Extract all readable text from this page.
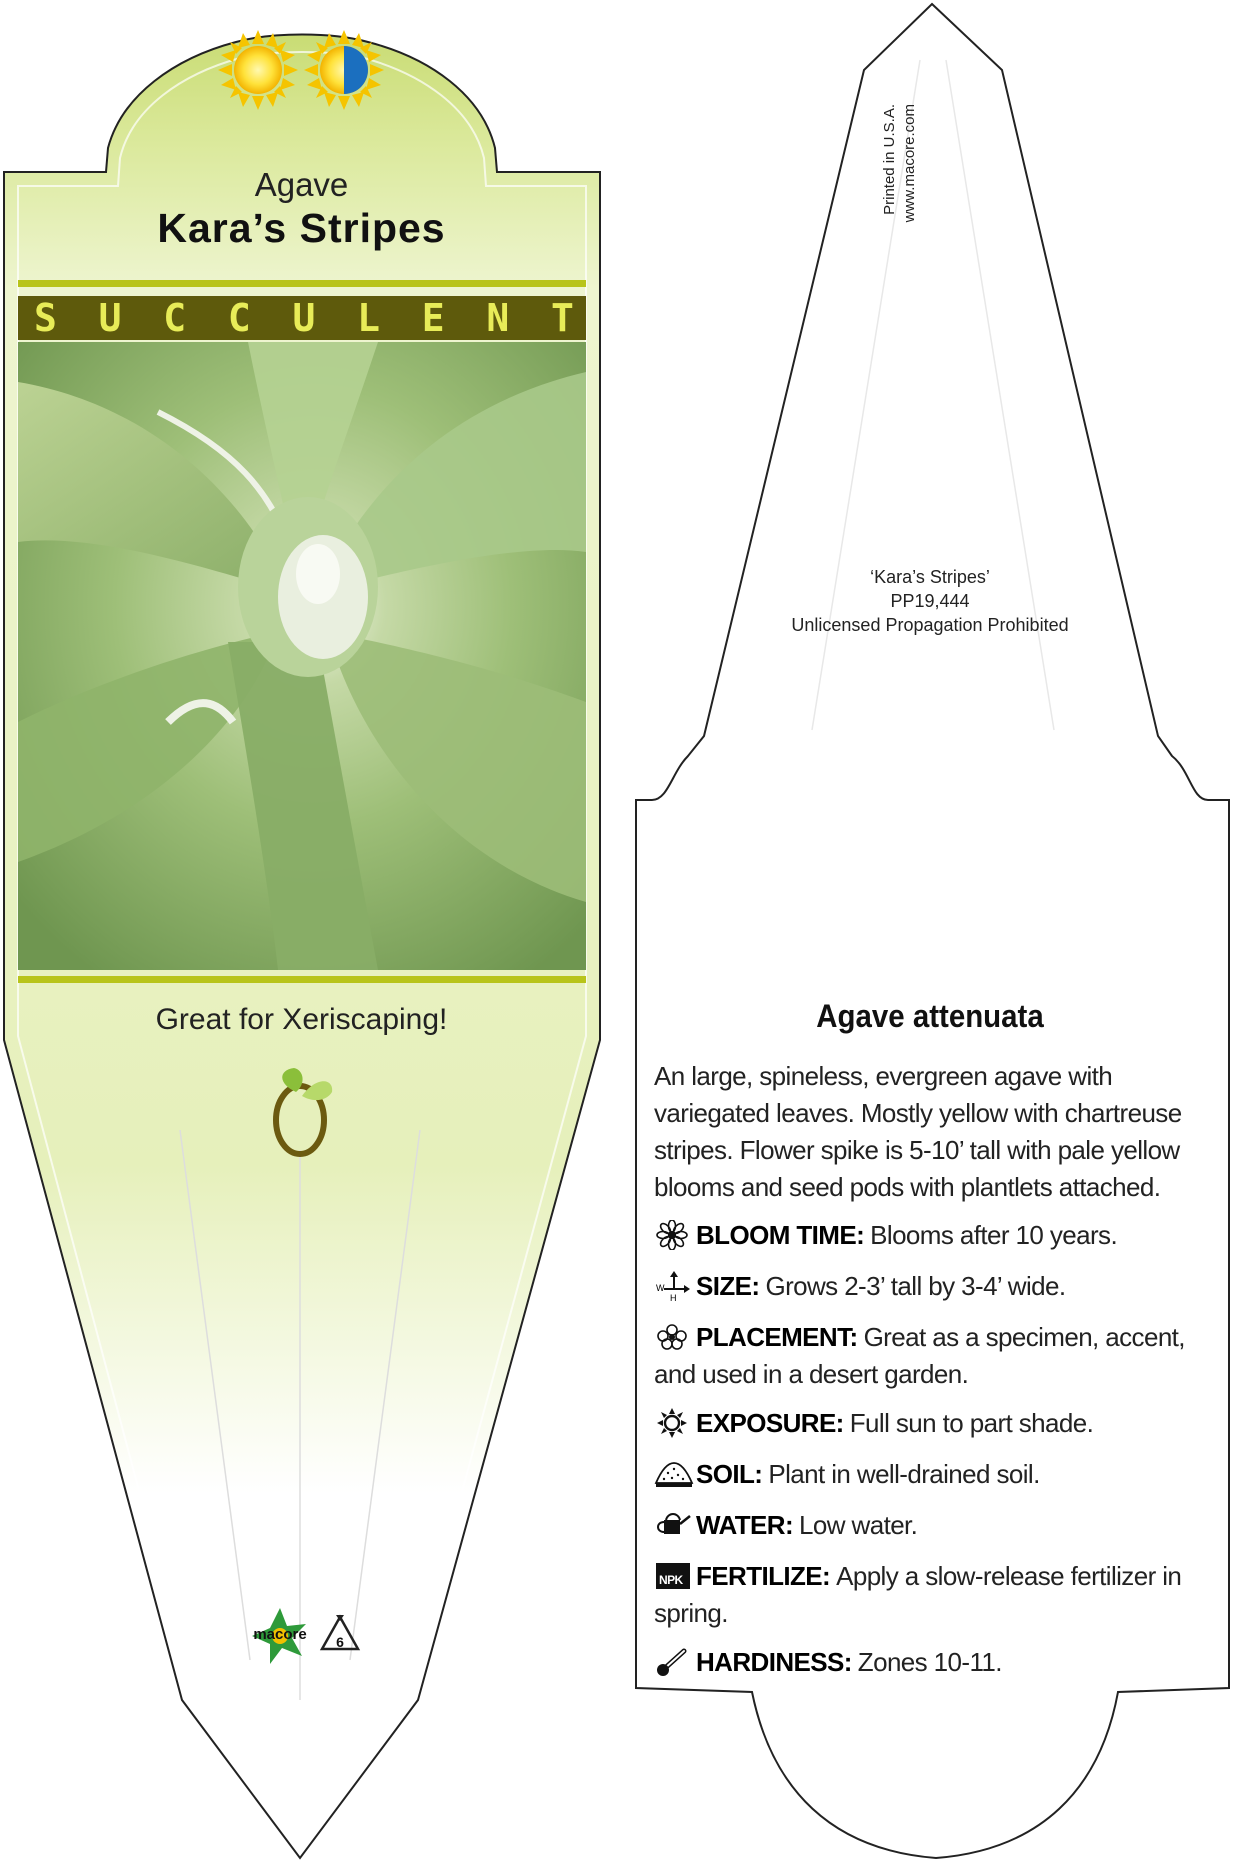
Agave
Kara’s Stripes
S U C C U L E N T
Great for Xeriscaping!
macore	6
Printed in U.S.A. www.macore.com
‘Kara’s Stripes’
PP19,444
Unlicensed Propagation Prohibited
Agave attenuata
An large, spineless, evergreen agave with variegated leaves. Mostly yellow with chartreuse stripes. Flower spike is 5-10’ tall with pale yellow blooms and seed pods with plantlets attached.
BLOOM TIME: Blooms after 10 years.
W
H SIZE: Grows 2-3’ tall by 3-4’ wide.
PLACEMENT: Great as a specimen, accent, and used in a desert garden.
EXPOSURE: Full sun to part shade.
SOIL: Plant in well-drained soil.
WATER: Low water.
NPK FERTILIZE: Apply a slow-release fertilizer in spring.
HARDINESS: Zones 10-11.
